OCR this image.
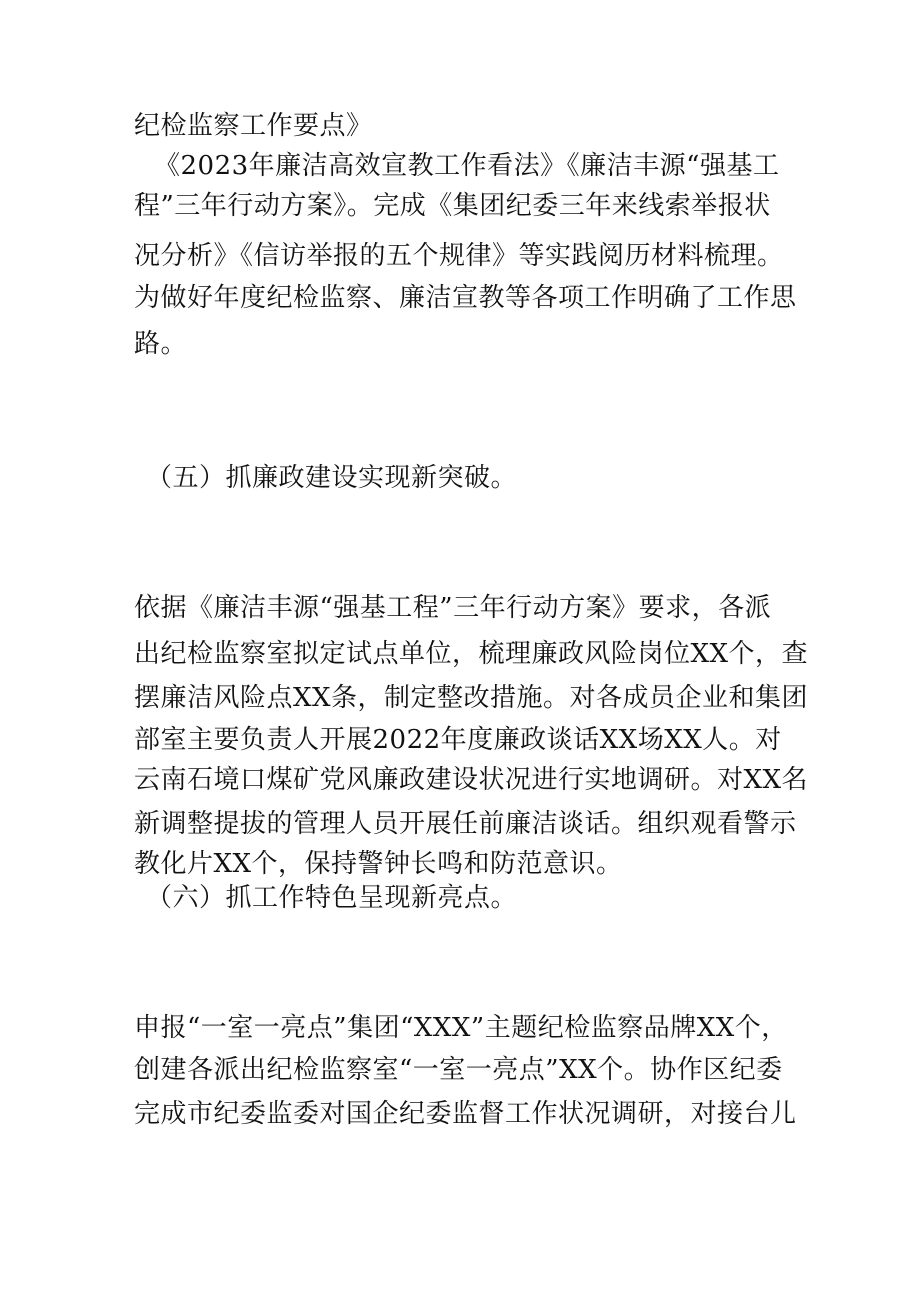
纪检监察工作要点》
《2023年廉洁高效宣教工作看法》《廉洁丰源“强基工
程”三年行动方案》。完成《集团纪委三年来线索举报状
况分析》《信访举报的五个规律》等实践阅历材料梳理。
为做好年度纪检监察、廉洁宣教等各项工作明确了工作思
路。
（五）抓廉政建设实现新突破。
依据《廉洁丰源“强基工程”三年行动方案》要求，各派
出纪检监察室拟定试点单位，梳理廉政风险岗位XX个，查
摆廉洁风险点XX条，制定整改措施。对各成员企业和集团
部室主要负责人开展2022年度廉政谈话XX场XX人。对
云南石境口煤矿党风廉政建设状况进行实地调研。对XX名
新调整提拔的管理人员开展任前廉洁谈话。组织观看警示
教化片XX个，保持警钟长鸣和防范意识。
（六）抓工作特色呈现新亮点。
申报“一室一亮点”集团“XXX”主题纪检监察品牌XX个，
创建各派出纪检监察室“一室一亮点”XX个。协作区纪委
完成市纪委监委对国企纪委监督工作状况调研，对接台儿
